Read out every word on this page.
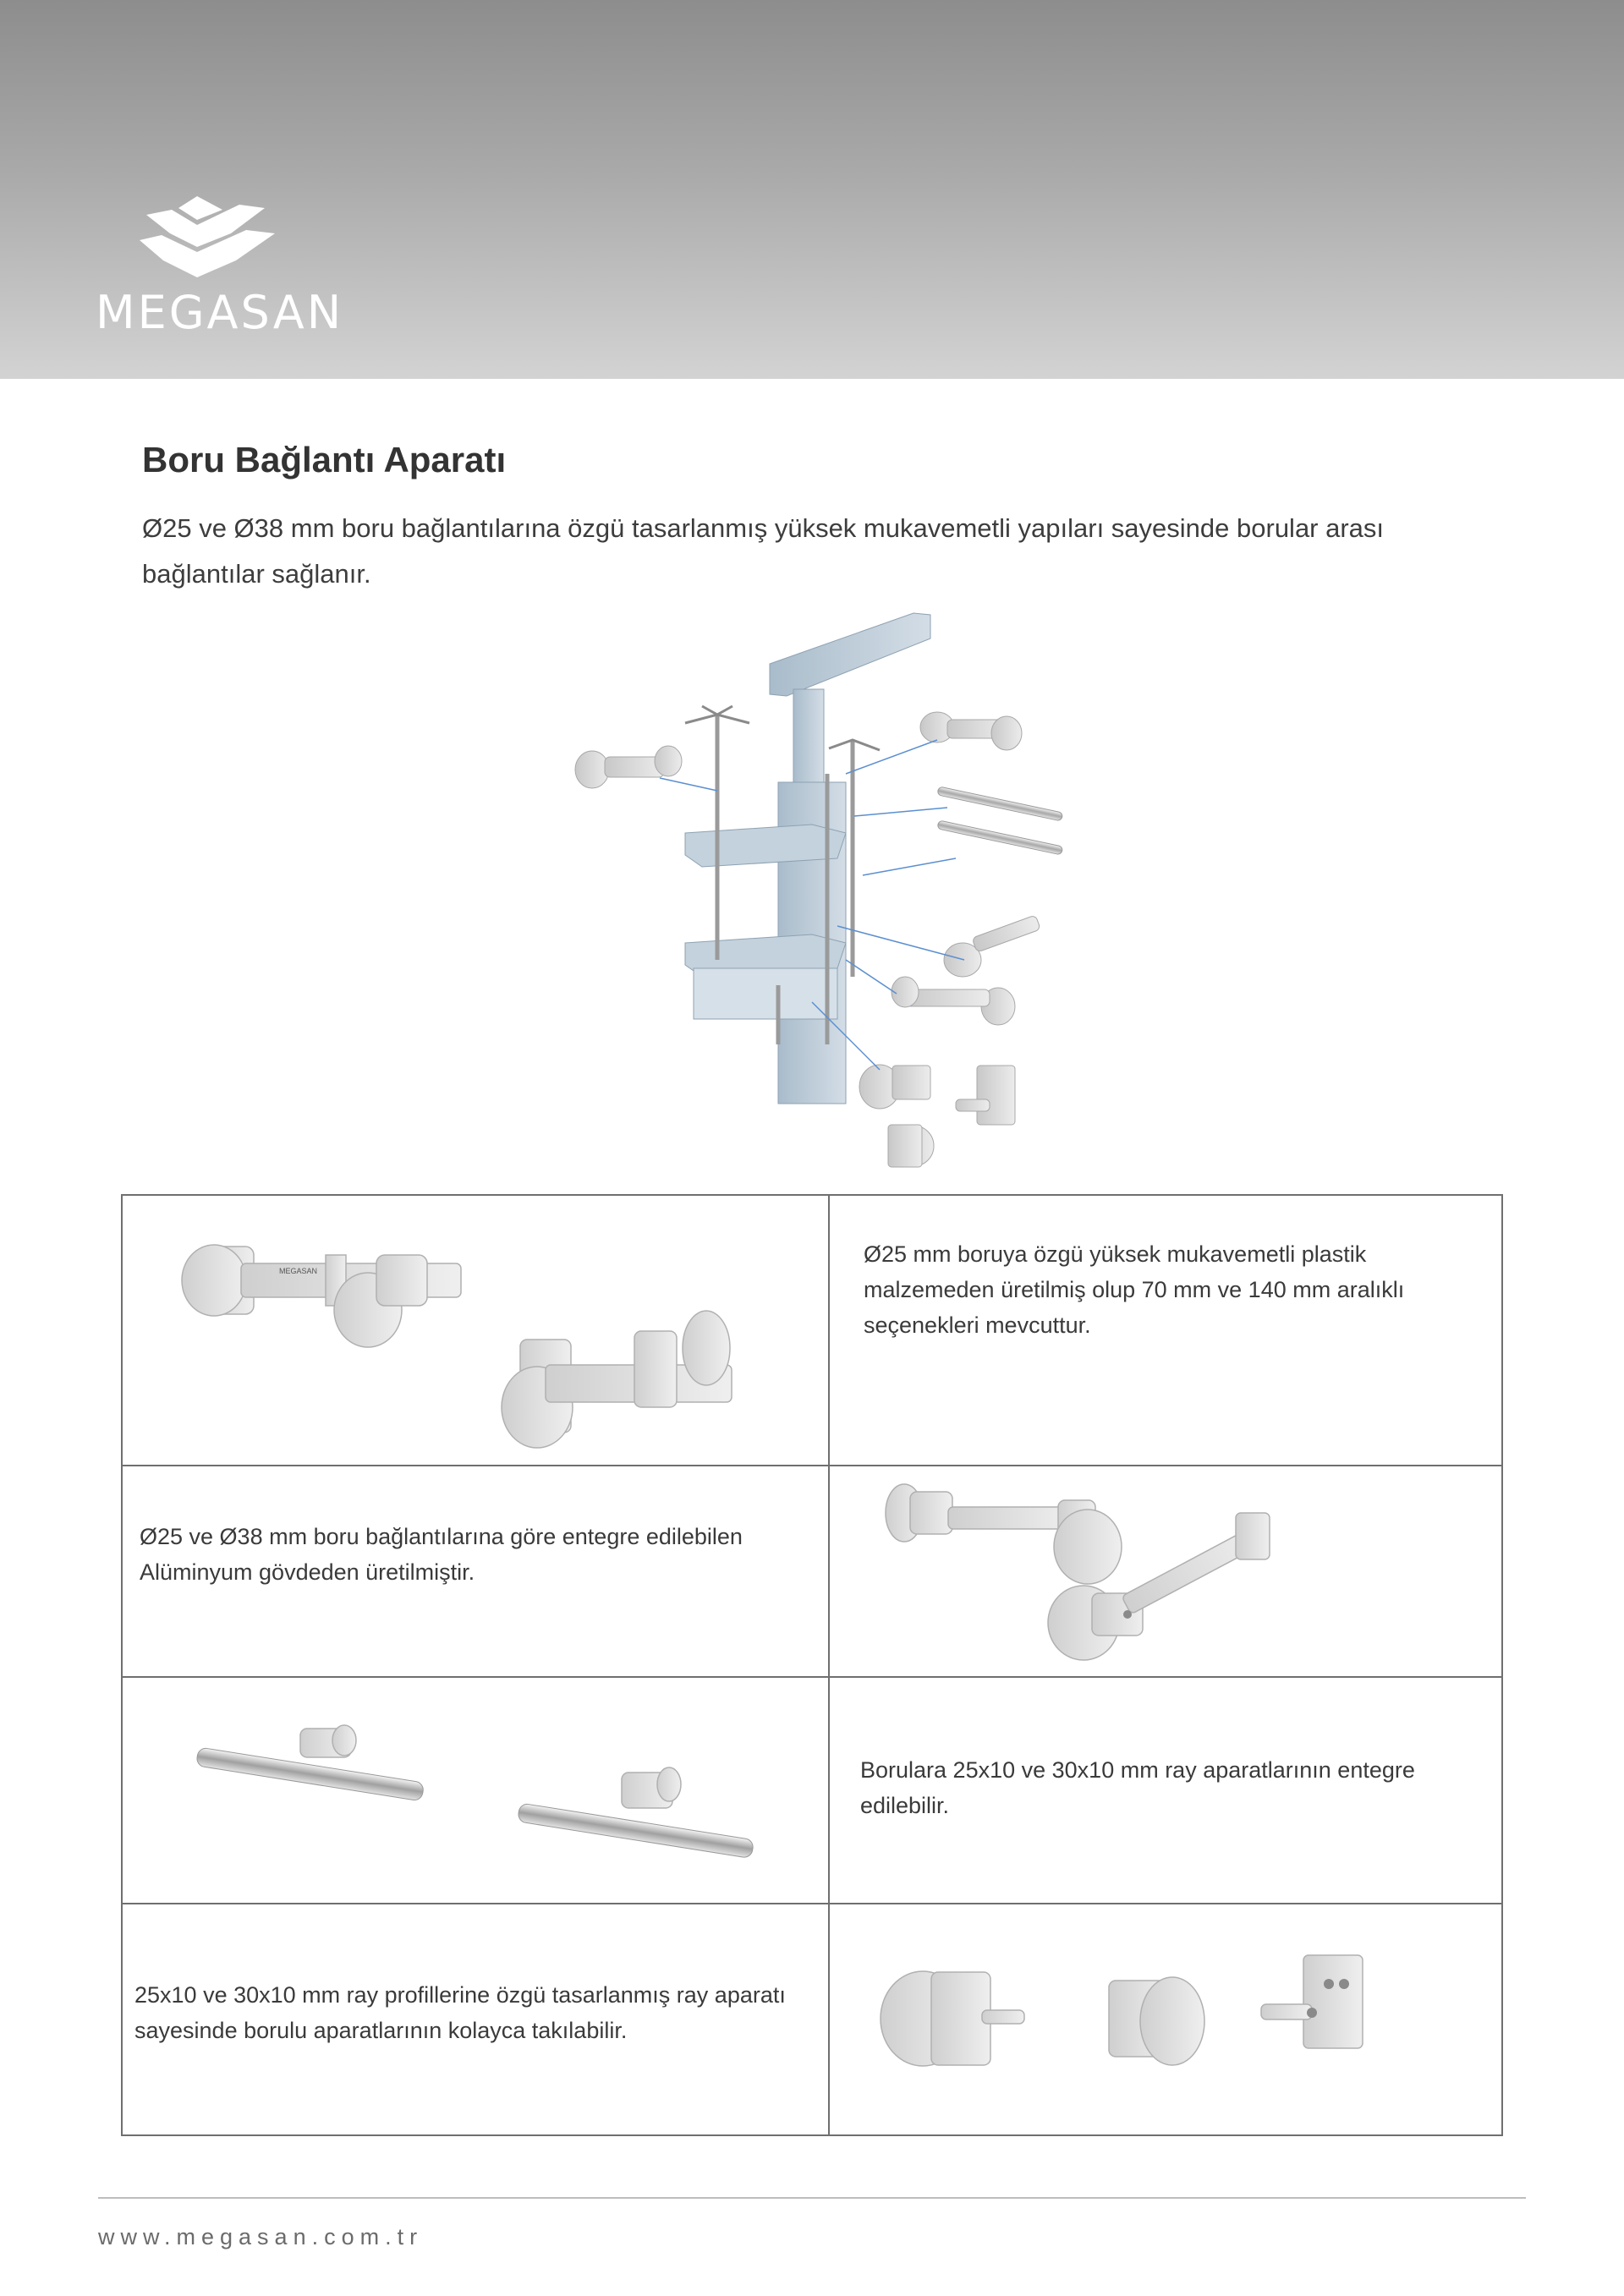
MEGASAN
Boru Bağlantı Aparatı

Ø25 ve Ø38 mm boru bağlantılarına özgü tasarlanmış yüksek mukavemetli yapıları sayesinde borular arası bağlantılar sağlanır.

MEGASAN

Ø25 mm boruya özgü yüksek mukavemetli plastik malzemeden üretilmiş olup 70 mm ve 140 mm aralıklı seçenekleri mevcuttur.

Ø25 ve Ø38 mm boru bağlantılarına göre entegre edilebilen Alüminyum gövdeden üretilmiştir.

Borulara 25x10 ve 30x10 mm ray aparatlarının entegre edilebilir.

25x10 ve 30x10 mm ray profillerine özgü tasarlanmış ray aparatı sayesinde borulu aparatlarının kolayca takılabilir.

www.megasan.com.tr
